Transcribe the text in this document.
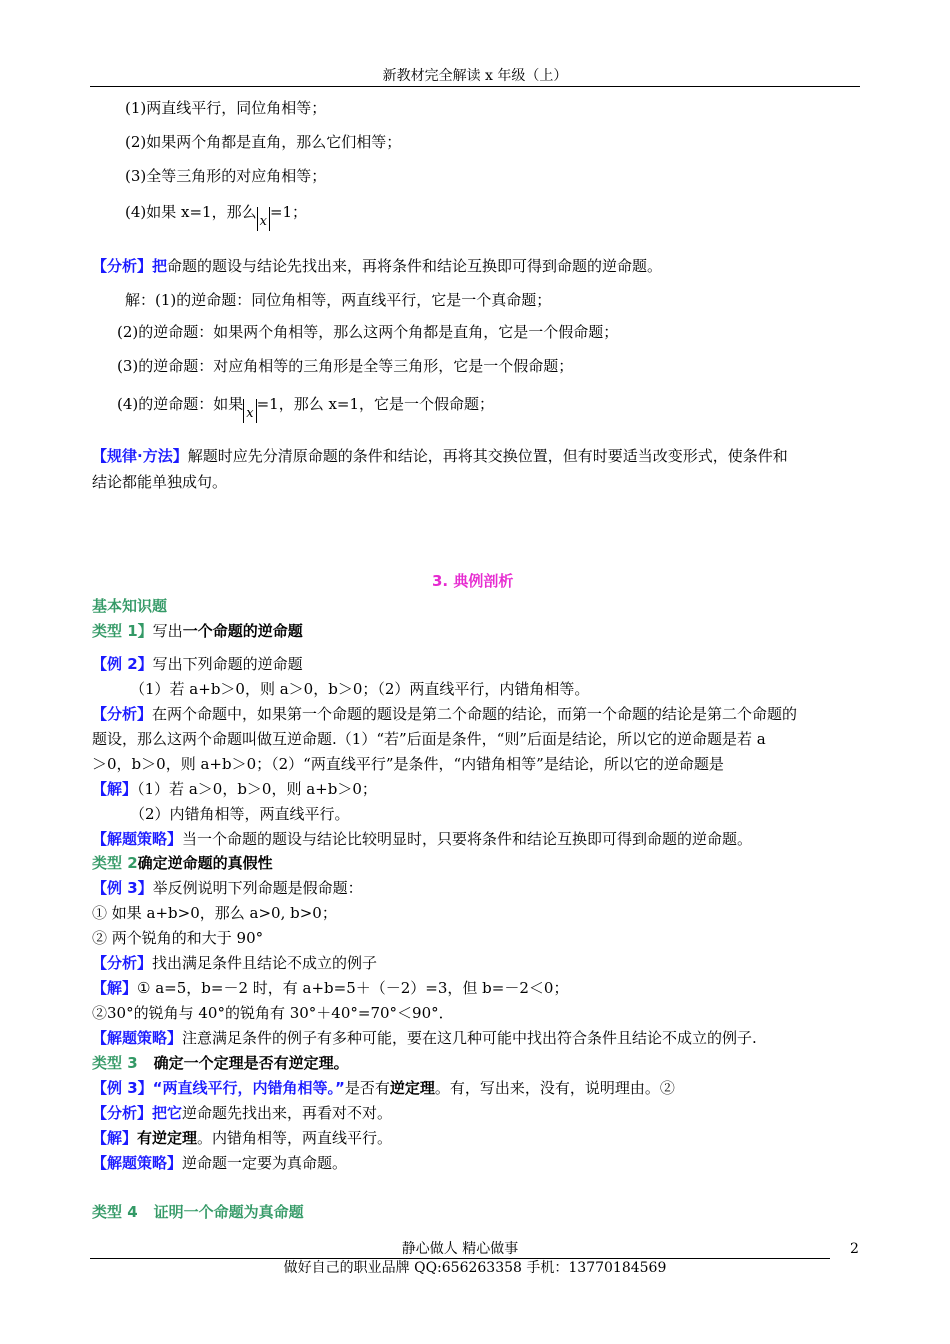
新教材完全解读 x 年级（上）
(1)两直线平行，同位角相等；
(2)如果两个角都是直角，那么它们相等；
(3)全等三角形的对应角相等；
(4)如果 x=1，那么x=1；
【分析】把命题的题设与结论先找出来，再将条件和结论互换即可得到命题的逆命题。
解：(1)的逆命题：同位角相等，两直线平行，它是一个真命题；
(2)的逆命题：如果两个角相等，那么这两个角都是直角，它是一个假命题；
(3)的逆命题：对应角相等的三角形是全等三角形，它是一个假命题；
(4)的逆命题：如果x=1，那么 x=1，它是一个假命题；
【规律·方法】解题时应先分清原命题的条件和结论，再将其交换位置，但有时要适当改变形式，使条件和
结论都能单独成句。
3. 典例剖析
基本知识题
类型 1】写出一个命题的逆命题
【例 2】写出下列命题的逆命题
（1）若 a+b＞0，则 a＞0，b＞0；（2）两直线平行，内错角相等。
【分析】在两个命题中，如果第一个命题的题设是第二个命题的结论，而第一个命题的结论是第二个命题的
题设，那么这两个命题叫做互逆命题.（1）“若”后面是条件，“则”后面是结论，所以它的逆命题是若 a
＞0，b＞0，则 a+b＞0；（2）“两直线平行”是条件，“内错角相等”是结论，所以它的逆命题是
【解】（1）若 a＞0，b＞0，则 a+b＞0；
（2）内错角相等，两直线平行。
【解题策略】当一个命题的题设与结论比较明显时，只要将条件和结论互换即可得到命题的逆命题。
类型 2确定逆命题的真假性
【例 3】举反例说明下列命题是假命题：
① 如果 a+b>0，那么 a>0, b>0；
② 两个锐角的和大于 90°
【分析】找出满足条件且结论不成立的例子
【解】① a=5，b=－2 时，有 a+b=5＋（－2）=3，但 b=－2＜0；
②30°的锐角与 40°的锐角有 30°＋40°=70°＜90°．
【解题策略】注意满足条件的例子有多种可能，要在这几种可能中找出符合条件且结论不成立的例子.
类型 3 确定一个定理是否有逆定理。
【例 3】“两直线平行，内错角相等。”是否有逆定理。有，写出来，没有，说明理由。②
【分析】把它逆命题先找出来，再看对不对。
【解】有逆定理。内错角相等，两直线平行。
【解题策略】逆命题一定要为真命题。
类型 4 证明一个命题为真命题
静心做人 精心做事	2
做好自己的职业品牌 QQ:656263358 手机：13770184569
